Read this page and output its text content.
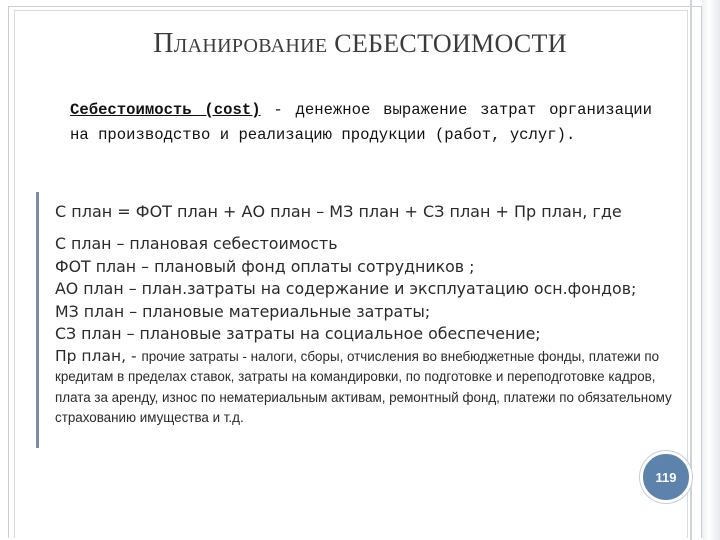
ПЛАНИРОВАНИЕ СЕБЕСТОИМОСТИ
Себестоимость (cost) - денежное выражение затрат организации на производство и реализацию продукции (работ, услуг).
С план = ФОТ план + АО план – МЗ план + СЗ план + Пр план, где
С план – плановая себестоимость
ФОТ план – плановый фонд оплаты сотрудников ;
АО план – план.затраты на содержание и эксплуатацию осн.фондов;
МЗ план – плановые материальные затраты;
СЗ план – плановые затраты на социальное обеспечение;
Пр план, - прочие затраты - налоги, сборы, отчисления во внебюджетные фонды, платежи по кредитам в пределах ставок, затраты на командировки, по подготовке и переподготовке кадров, плата за аренду, износ по нематериальным активам, ремонтный фонд, платежи по обязательному страхованию имущества и т.д.
119
